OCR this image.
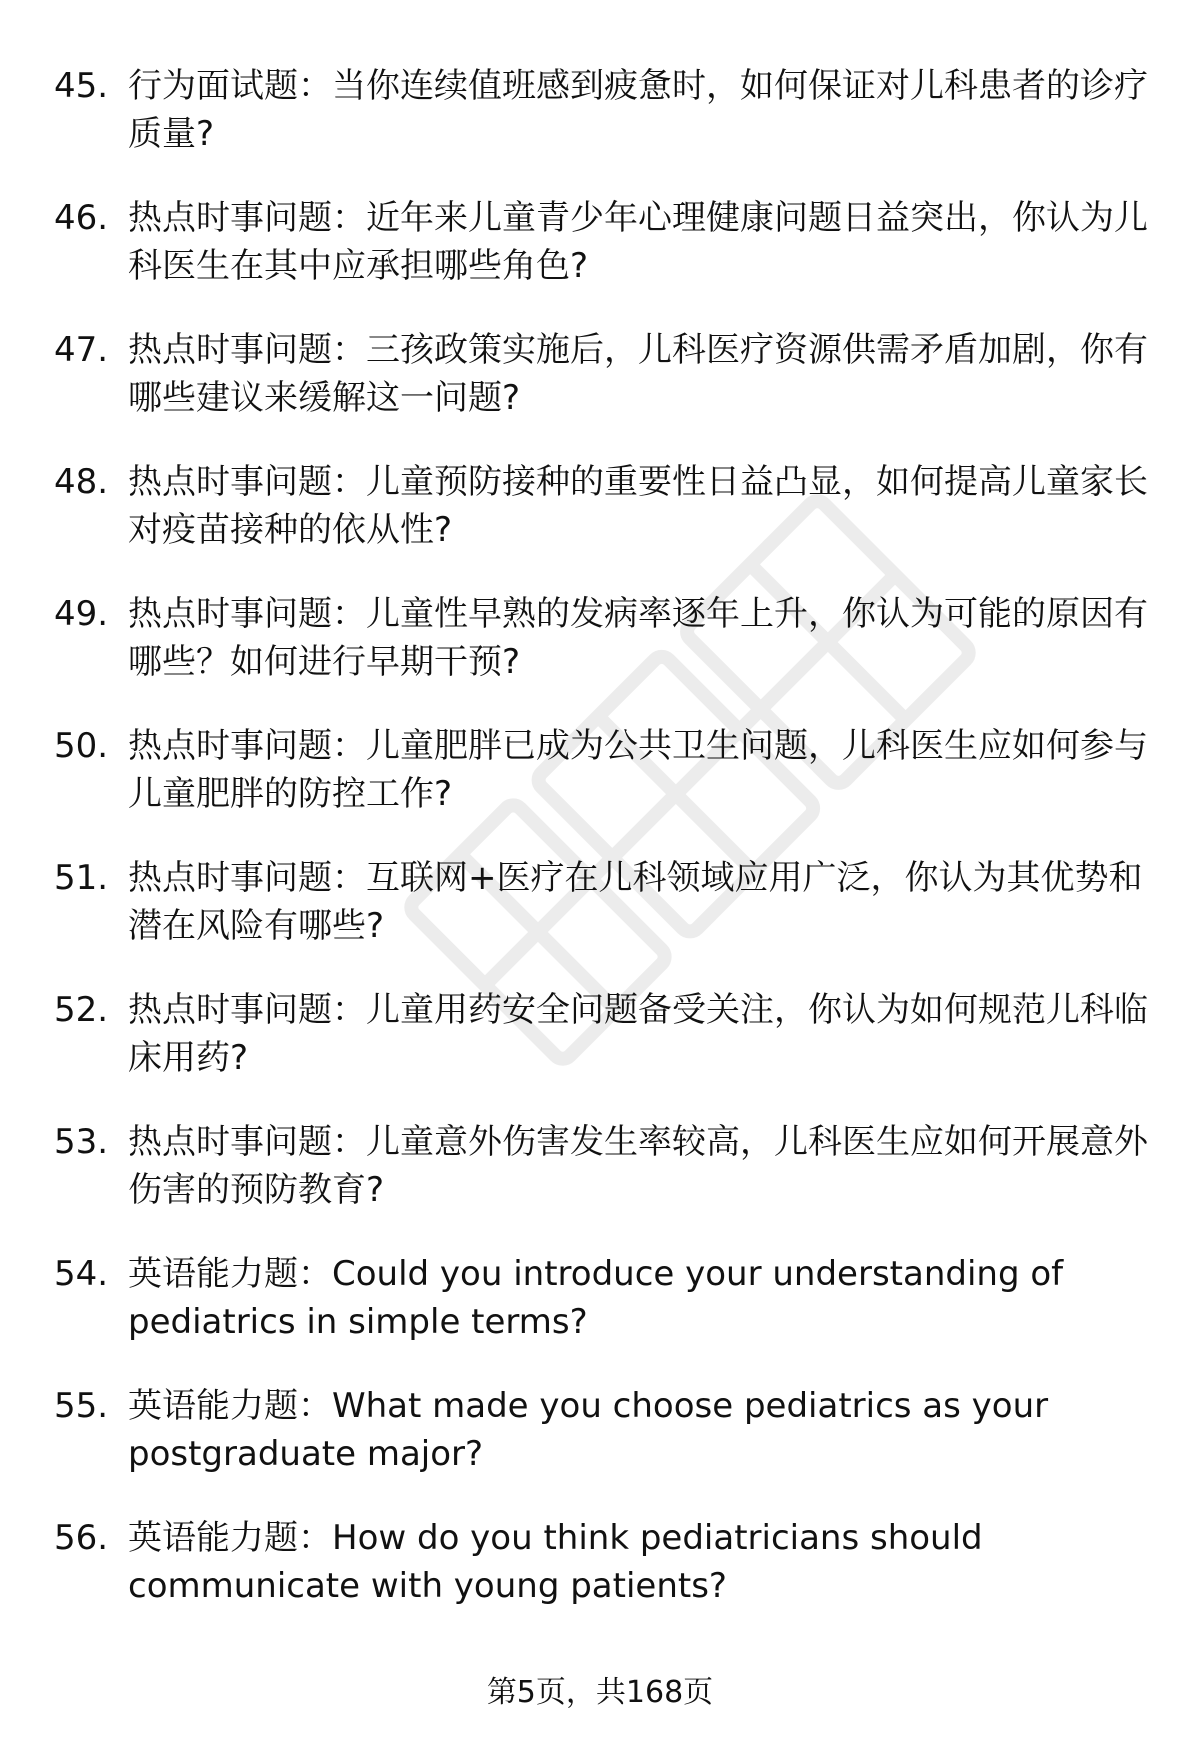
45. 行为面试题：当你连续值班感到疲惫时，如何保证对儿科患者的诊疗质量?
46. 热点时事问题：近年来儿童青少年心理健康问题日益突出，你认为儿科医生在其中应承担哪些角色?
47. 热点时事问题：三孩政策实施后，儿科医疗资源供需矛盾加剧，你有哪些建议来缓解这一问题?
48. 热点时事问题：儿童预防接种的重要性日益凸显，如何提高儿童家长对疫苗接种的依从性?
49. 热点时事问题：儿童性早熟的发病率逐年上升，你认为可能的原因有哪些？如何进行早期干预?
50. 热点时事问题：儿童肥胖已成为公共卫生问题，儿科医生应如何参与儿童肥胖的防控工作?
51. 热点时事问题：互联网+医疗在儿科领域应用广泛，你认为其优势和潜在风险有哪些?
52. 热点时事问题：儿童用药安全问题备受关注，你认为如何规范儿科临床用药?
53. 热点时事问题：儿童意外伤害发生率较高，儿科医生应如何开展意外伤害的预防教育?
54. 英语能力题：Could you introduce your understanding of pediatrics in simple terms?
55. 英语能力题：What made you choose pediatrics as your postgraduate major?
56. 英语能力题：How do you think pediatricians should communicate with young patients?
第5页，共168页
